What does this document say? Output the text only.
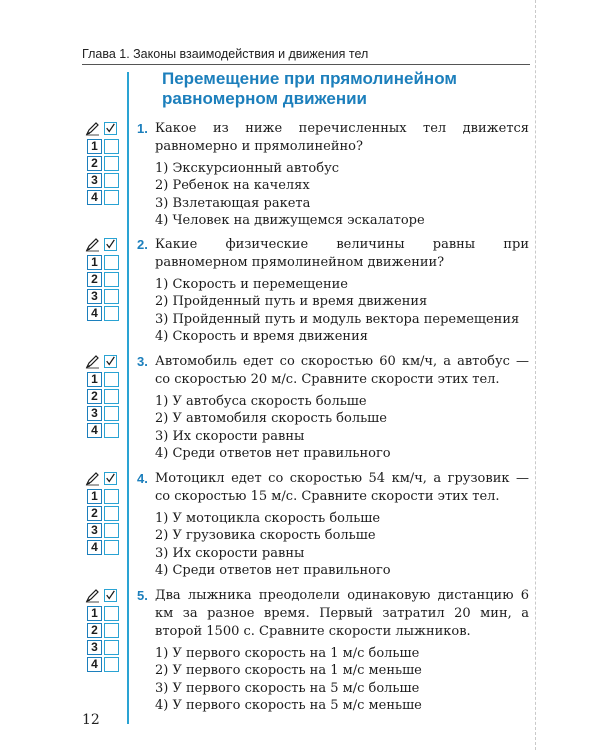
Глава 1. Законы взаимодействия и движения тел
Перемещение при прямолинейном
равномерном движении
1
2
3
4
1. Какое из ниже перечисленных тел движется равномерно и прямолинейно?
1) Экскурсионный автобус
2) Ребенок на качелях
3) Взлетающая ракета
4) Человек на движущемся эскалаторе
1
2
3
4
2. Какие физические величины равны при равномерном прямолинейном движении?
1) Скорость и перемещение
2) Пройденный путь и время движения
3) Пройденный путь и модуль вектора перемещения
4) Скорость и время движения
1
2
3
4
3. Автомобиль едет со скоростью 60 км/ч, а автобус — со скоростью 20 м/с. Сравните скорости этих тел.
1) У автобуса скорость больше
2) У автомобиля скорость больше
3) Их скорости равны
4) Среди ответов нет правильного
1
2
3
4
4. Мотоцикл едет со скоростью 54 км/ч, а грузовик — со скоростью 15 м/с. Сравните скорости этих тел.
1) У мотоцикла скорость больше
2) У грузовика скорость больше
3) Их скорости равны
4) Среди ответов нет правильного
1
2
3
4
5. Два лыжника преодолели одинаковую дистанцию 6 км за разное время. Первый затратил 20 мин, а второй 1500 с. Сравните скорости лыжников.
1) У первого скорость на 1 м/с больше
2) У первого скорость на 1 м/с меньше
3) У первого скорость на 5 м/с больше
4) У первого скорость на 5 м/с меньше
12
